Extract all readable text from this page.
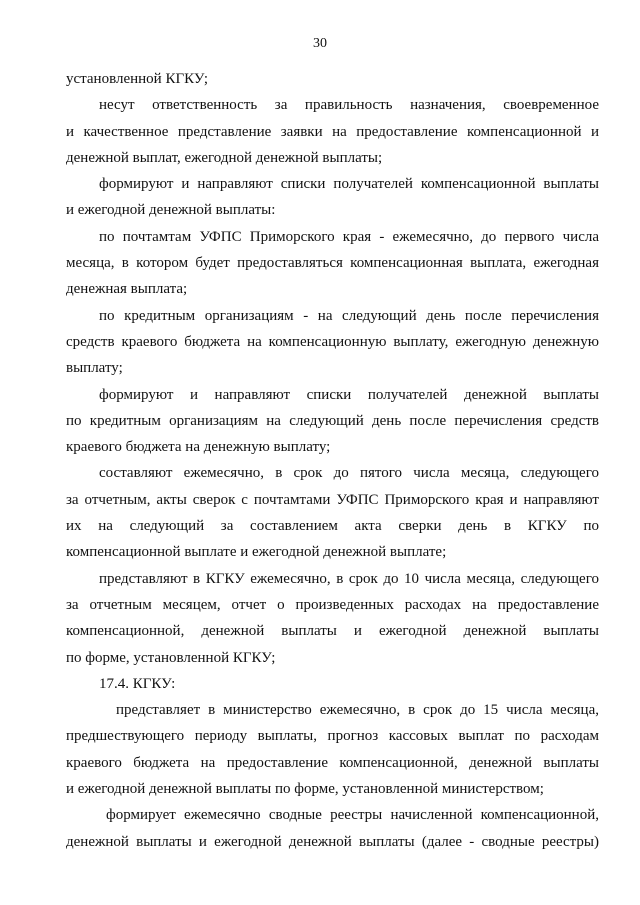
30
установленной КГКУ;
несут ответственность за правильность назначения, своевременное
и качественное представление заявки на предоставление компенсационной и
денежной выплат, ежегодной денежной выплаты;
формируют и направляют списки получателей компенсационной выплаты
и ежегодной денежной выплаты:
по почтамтам УФПС Приморского края - ежемесячно, до первого числа
месяца, в котором будет предоставляться компенсационная выплата, ежегодная
денежная выплата;
по кредитным организациям - на следующий день после перечисления
средств краевого бюджета на компенсационную выплату, ежегодную денежную
выплату;
формируют и направляют списки получателей денежной выплаты
по кредитным организациям на следующий день после перечисления средств
краевого бюджета на денежную выплату;
составляют ежемесячно, в срок до пятого числа месяца, следующего
за отчетным, акты сверок с почтамтами УФПС Приморского края и направляют
их на следующий за составлением акта сверки день в КГКУ по
компенсационной выплате и ежегодной денежной выплате;
представляют в КГКУ ежемесячно, в срок до 10 числа месяца, следующего
за отчетным месяцем, отчет о произведенных расходах на предоставление
компенсационной, денежной выплаты и ежегодной денежной выплаты
по форме, установленной КГКУ;
17.4. КГКУ:
представляет в министерство ежемесячно, в срок до 15 числа месяца,
предшествующего периоду выплаты, прогноз кассовых выплат по расходам
краевого бюджета на предоставление компенсационной, денежной выплаты
и ежегодной денежной выплаты по форме, установленной министерством;
формирует ежемесячно сводные реестры начисленной компенсационной,
денежной выплаты и ежегодной денежной выплаты (далее - сводные реестры)
